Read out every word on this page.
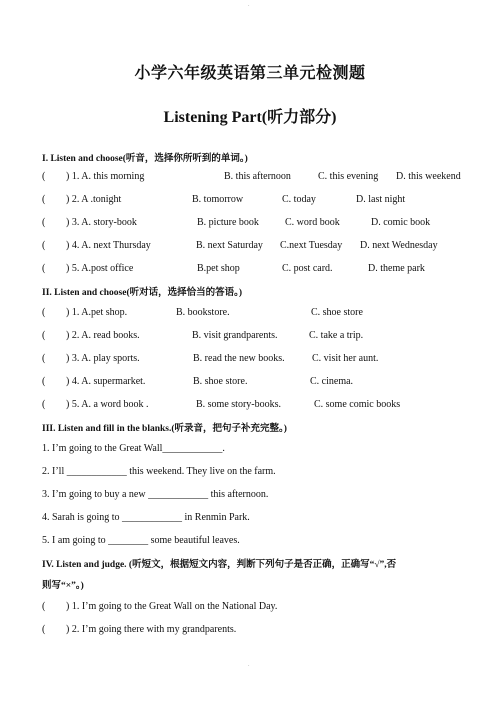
.
小学六年级英语第三单元检测题
Listening Part(听力部分)
I. Listen and choose(听音，选择你所听到的单词。)
( ) 1. A. this morning	B. this afternoon	C. this evening D. this weekend
( ) 2. A .tonight	B. tomorrow	C. today	D. last night
( ) 3. A. story-book	B. picture book	C. word book	D. comic book
( ) 4. A. next Thursday	B. next Saturday C.next Tuesday D. next Wednesday
( ) 5. A.post office	B.pet shop	C. post card.	D. theme park
II. Listen and choose(听对话，选择恰当的答语。)
( ) 1. A.pet shop.	B. bookstore.	C. shoe store
( ) 2. A. read books.	B. visit grandparents.	C. take a trip.
( ) 3. A. play sports.	B. read the new books.	C. visit her aunt.
( ) 4. A. supermarket.	B. shoe store.	C. cinema.
( ) 5. A. a word book .	B. some story-books.	C. some comic books
III. Listen and fill in the blanks.(听录音，把句子补充完整。)
1. I’m going to the Great Wall____________.
2. I’ll ____________ this weekend. They live on the farm.
3. I’m going to buy a new ____________ this afternoon.
4. Sarah is going to ____________ in Renmin Park.
5. I am going to ________ some beautiful leaves.
IV. Listen and judge. (听短文，根据短文内容，判断下列句子是否正确，正确写“√”,否
则写“×”。)
( ) 1. I’m going to the Great Wall on the National Day.
( ) 2. I’m going there with my grandparents.
.
